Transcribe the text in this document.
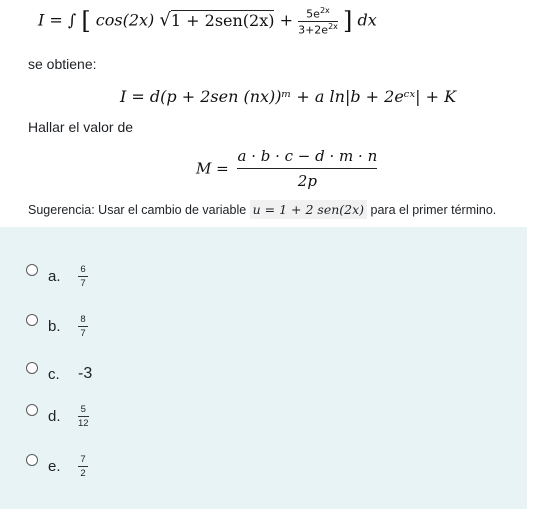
I = ∫ [ cos(2x) $√1 + 2sen(2x) + \frac{5e^{2x}}{3+2e^{2x}}$ ] dx
se obtiene:
I = d(p + 2sen (nx))ᵐ + a ln|b + 2eᶜˣ| + K
Hallar el valor de
$M = \frac{a \cdot b \cdot c - d \cdot m \cdot n}{2p}$
Sugerencia: Usar el cambio de variable u = 1 + 2 sen(2x) para el primer término.
a.	$\frac{6}{7}$
b.	$\frac{8}{7}$
c.	-3
d.	$\frac{5}{12}$
e.	$\frac{7}{2}$
